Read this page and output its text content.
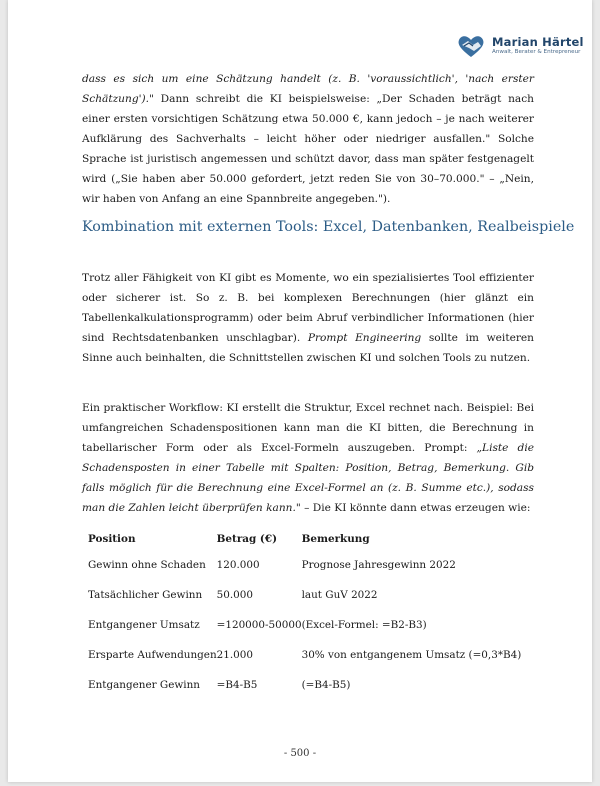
Marian Härtel
Anwalt, Berater & Entrepreneur

dass es sich um eine Schätzung handelt (z. B. 'voraussichtlich', 'nach erster Schätzung')." Dann schreibt die KI beispielsweise: „Der Schaden beträgt nach einer ersten vorsichtigen Schätzung etwa 50.000 €, kann jedoch – je nach weiterer Aufklärung des Sachverhalts – leicht höher oder niedriger ausfallen." Solche Sprache ist juristisch angemessen und schützt davor, dass man später festgenagelt wird („Sie haben aber 50.000 gefordert, jetzt reden Sie von 30–70.000." – „Nein, wir haben von Anfang an eine Spannbreite angegeben.").

Kombination mit externen Tools: Excel, Datenbanken, Realbeispiele

Trotz aller Fähigkeit von KI gibt es Momente, wo ein spezialisiertes Tool effizienter oder sicherer ist. So z. B. bei komplexen Berechnungen (hier glänzt ein Tabellenkalkulationsprogramm) oder beim Abruf verbindlicher Informationen (hier sind Rechtsdatenbanken unschlagbar). Prompt Engineering sollte im weiteren Sinne auch beinhalten, die Schnittstellen zwischen KI und solchen Tools zu nutzen.

Ein praktischer Workflow: KI erstellt die Struktur, Excel rechnet nach. Beispiel: Bei umfangreichen Schadenspositionen kann man die KI bitten, die Berechnung in tabellarischer Form oder als Excel-Formeln auszugeben. Prompt: „Liste die Schadensposten in einer Tabelle mit Spalten: Position, Betrag, Bemerkung. Gib falls möglich für die Berechnung eine Excel-Formel an (z. B. Summe etc.), sodass man die Zahlen leicht überprüfen kann." – Die KI könnte dann etwas erzeugen wie:

Position	Betrag (€)	Bemerkung
Gewinn ohne Schaden	120.000	Prognose Jahresgewinn 2022
Tatsächlicher Gewinn	50.000	laut GuV 2022
Entgangener Umsatz	=120000-50000	(Excel-Formel: =B2-B3)
Ersparte Aufwendungen	21.000	30% von entgangenem Umsatz (=0,3*B4)
Entgangener Gewinn	=B4-B5	(=B4-B5)
- 500 -
